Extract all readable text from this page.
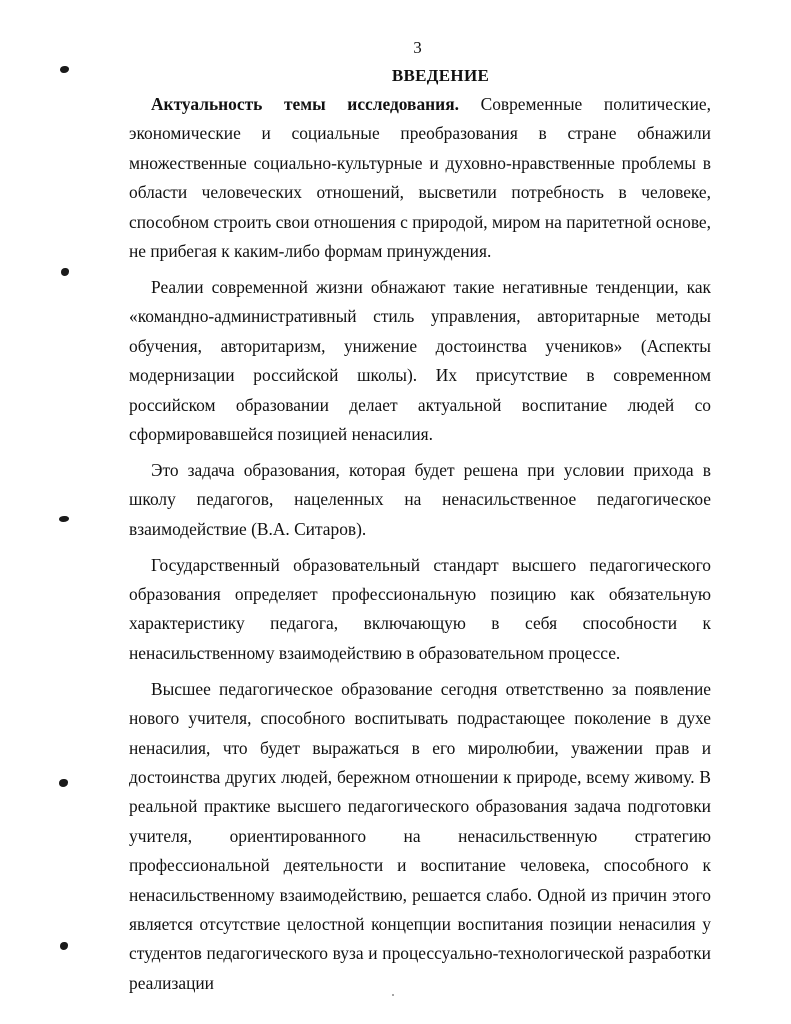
3
ВВЕДЕНИЕ

Актуальность темы исследования. Современные политические, экономические и социальные преобразования в стране обнажили множественные социально-культурные и духовно-нравственные проблемы в области человеческих отношений, высветили потребность в человеке, способном строить свои отношения с природой, миром на паритетной основе, не прибегая к каким-либо формам принуждения.

Реалии современной жизни обнажают такие негативные тенденции, как «командно-административный стиль управления, авторитарные методы обучения, авторитаризм, унижение достоинства учеников» (Аспекты модернизации российской школы). Их присутствие в современном российском образовании делает актуальной воспитание людей со сформировавшейся позицией ненасилия.

Это задача образования, которая будет решена при условии прихода в школу педагогов, нацеленных на ненасильственное педагогическое взаимодействие (В.А. Ситаров).

Государственный образовательный стандарт высшего педагогического образования определяет профессиональную позицию как обязательную характеристику педагога, включающую в себя способности к ненасильственному взаимодействию в образовательном процессе.

Высшее педагогическое образование сегодня ответственно за появление нового учителя, способного воспитывать подрастающее поколение в духе ненасилия, что будет выражаться в его миролюбии, уважении прав и достоинства других людей, бережном отношении к природе, всему живому. В реальной практике высшего педагогического образования задача подготовки учителя, ориентированного на ненасильственную стратегию профессиональной деятельности и воспитание человека, способного к ненасильственному взаимодействию, решается слабо. Одной из причин этого является отсутствие целостной концепции воспитания позиции ненасилия у студентов педагогического вуза и процессуально-технологической разработки реализации
